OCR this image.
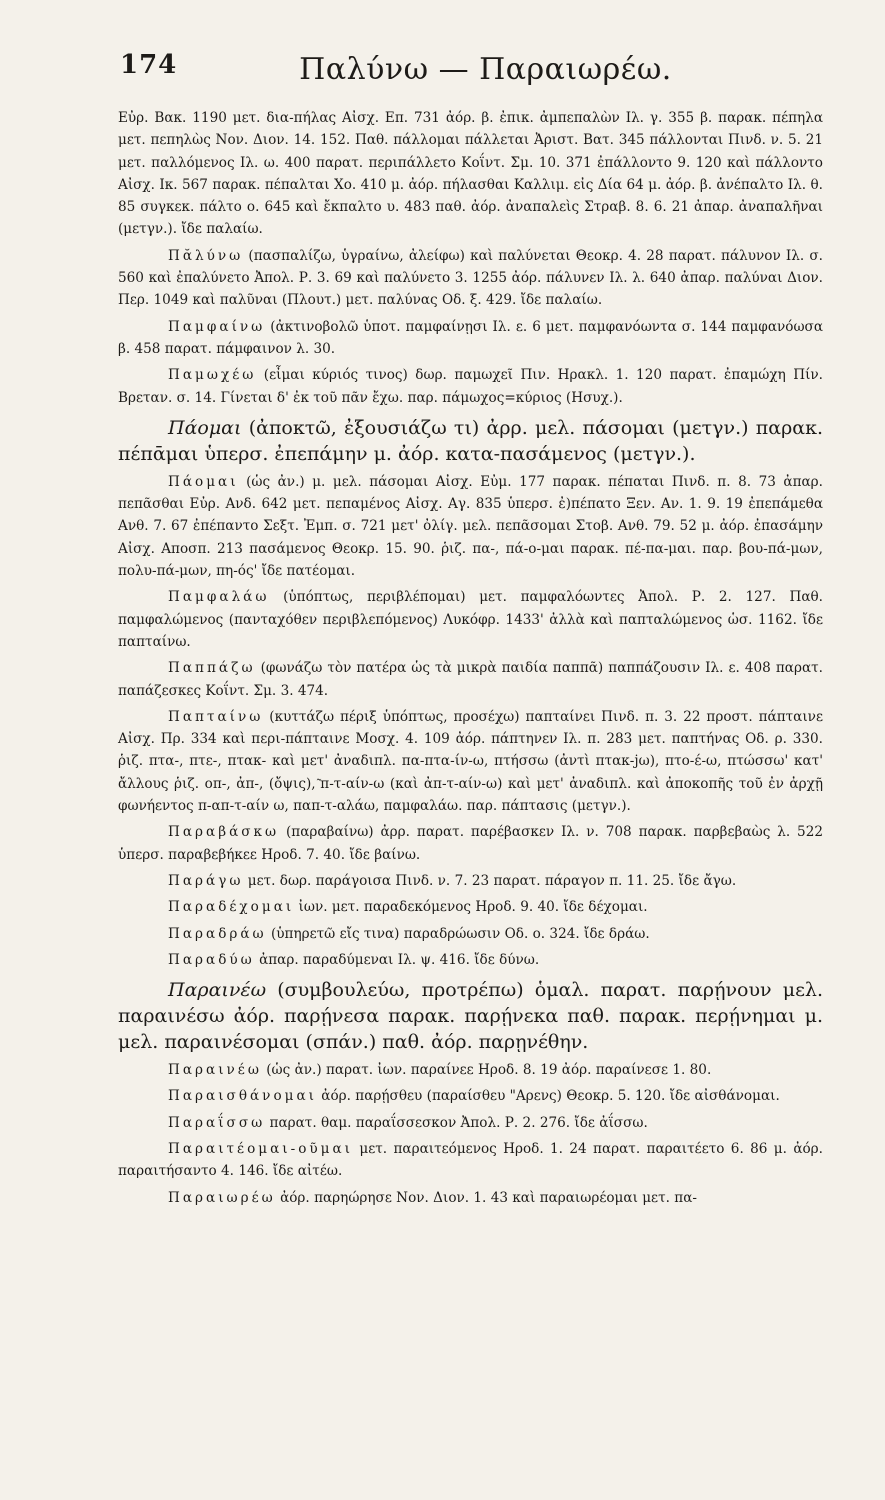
174	Παλύνω — Παραιωρέω.

Εὐρ. Βακ. 1190 μετ. δια-πήλας Αἰσχ. Επ. 731 ἀόρ. β. ἐπικ. ἀμπεπαλὼν Ιλ. γ. 355 β. παρακ. πέπηλα μετ. πεπηλὼς Νον. Διον. 14. 152. Παθ. πάλλομαι πάλλεται Ἀριστ. Βατ. 345 πάλλονται Πινδ. ν. 5. 21 μετ. παλλόμενος Ιλ. ω. 400 παρατ. περιπάλλετο Κοΐντ. Σμ. 10. 371 ἐπάλλοντο 9. 120 καὶ πάλλοντο Αἰσχ. Ικ. 567 παρακ. πέπαλται Χο. 410 μ. ἀόρ. πήλασθαι Καλλιμ. εἰς Δία 64 μ. ἀόρ. β. ἀνέπαλτο Ιλ. θ. 85 συγκεκ. πάλτο ο. 645 καὶ ἔκπαλτο υ. 483 παθ. ἀόρ. ἀναπαλεὶς Στραβ. 8. 6. 21 ἀπαρ. ἀναπαλῆναι (μετγν.). ἴδε παλαίω.

Πᾰλύνω (πασπαλίζω, ὑγραίνω, ἀλείφω) καὶ παλύνεται Θεοκρ. 4. 28 παρατ. πάλυνον Ιλ. σ. 560 καὶ ἐπαλύνετο Ἀπολ. Ρ. 3. 69 καὶ παλύνετο 3. 1255 ἀόρ. πάλυνεν Ιλ. λ. 640 ἀπαρ. παλύναι Διον. Περ. 1049 καὶ παλῦναι (Πλουτ.) μετ. παλύνας Οδ. ξ. 429. ἴδε παλαίω.

Παμφαίνω (ἀκτινοβολῶ ὑποτ. παμφαίνῃσι Ιλ. ε. 6 μετ. παμφανόωντα σ. 144 παμφανόωσα β. 458 παρατ. πάμφαινον λ. 30.

Παμωχέω (εἶμαι κύριός τινος) δωρ. παμωχεῖ Πιν. Ηρακλ. 1. 120 παρατ. ἐπαμώχη Πίν. Βρεταν. σ. 14. Γίνεται δ' ἐκ τοῦ πᾶν ἔχω. παρ. πάμωχος=κύριος (Ησυχ.).

Πάομαι (ἀποκτῶ, ἐξουσιάζω τι) ἀρρ. μελ. πάσομαι (μετγν.) παρακ. πέπᾱμαι ὑπερσ. ἐπεπάμην μ. ἀόρ. κατα-πασάμενος (μετγν.).

Πάομαι (ὡς ἀν.) μ. μελ. πάσομαι Αἰσχ. Εὐμ. 177 παρακ. πέπαται Πινδ. π. 8. 73 ἀπαρ. πεπᾶσθαι Εὐρ. Ανδ. 642 μετ. πεπαμένος Αἰσχ. Αγ. 835 ὑπερσ. ἐ)πέπατο Ξεν. Αν. 1. 9. 19 ἐπεπάμεθα Ανθ. 7. 67 ἐπέπαντο Σεξτ. Ἐμπ. σ. 721 μετ' ὀλίγ. μελ. πεπᾶσομαι Στοβ. Ανθ. 79. 52 μ. ἀόρ. ἐπασάμην Αἰσχ. Αποσπ. 213 πασάμενος Θεοκρ. 15. 90. ῥιζ. πα-, πά-ο-μαι παρακ. πέ-πα-μαι. παρ. βου-πά-μων, πολυ-πά-μων, πη-ός' ἴδε πατέομαι.

Παμφαλάω (ὑπόπτως, περιβλέπομαι) μετ. παμφαλόωντες Ἀπολ. Ρ. 2. 127. Παθ. παμφαλώμενος (πανταχόθεν περιβλεπόμενος) Λυκόφρ. 1433' ἀλλὰ καὶ παπταλώμενος ὡσ. 1162. ἴδε παπταίνω.

Παππάζω (φωνάζω τὸν πατέρα ὡς τὰ μικρὰ παιδία παππᾶ) παππάζουσιν Ιλ. ε. 408 παρατ. παπάζεσκες Κοΐντ. Σμ. 3. 474.

Παπταίνω (κυττάζω πέριξ ὑπόπτως, προσέχω) παπταίνει Πινδ. π. 3. 22 προστ. πάπταινε Αἰσχ. Πρ. 334 καὶ περι-πάπταινε Μοσχ. 4. 109 ἀόρ. πάπτηνεν Ιλ. π. 283 μετ. παπτήνας Οδ. ρ. 330. ῥιζ. πτα-, πτε-, πτακ- καὶ μετ' ἀναδιπλ. πα-πτα-ίν-ω, πτήσσω (ἀντὶ πτακ-jω), πτο-έ-ω, πτώσσω' κατ' ἄλλους ῥιζ. οπ-, ἀπ-, (ὄψις), ͂π-τ-αίν-ω (καὶ ἀπ-τ-αίν-ω) καὶ μετ' ἀναδιπλ. καὶ ἀποκοπῆς τοῦ ἐν ἀρχῇ φωνήεντος π-απ-τ-αίν ω, παπ-τ-αλάω, παμφαλάω. παρ. πάπτασις (μετγν.).

Παραβάσκω (παραβαίνω) ἀρρ. παρατ. παρέβασκεν Ιλ. ν. 708 παρακ. παρβεβαὼς λ. 522 ὑπερσ. παραβεβήκεε Ηροδ. 7. 40. ἴδε βαίνω.

Παράγω μετ. δωρ. παράγοισα Πινδ. ν. 7. 23 παρατ. πάραγον π. 11. 25. ἴδε ἄγω.

Παραδέχομαι ἰων. μετ. παραδεκόμενος Ηροδ. 9. 40. ἴδε δέχομαι.

Παραδράω (ὑπηρετῶ εἴς τινα) παραδρώωσιν Οδ. ο. 324. ἴδε δράω.

Παραδύω ἀπαρ. παραδύμεναι Ιλ. ψ. 416. ἴδε δύνω.

Παραινέω (συμβουλεύω, προτρέπω) ὁμαλ. παρατ. παρῄνουν μελ. παραινέσω ἀόρ. παρῄνεσα παρακ. παρῄνεκα παθ. παρακ. περῄνημαι μ. μελ. παραινέσομαι (σπάν.) παθ. ἀόρ. παρῃνέθην.

Παραινέω (ὡς ἀν.) παρατ. ἰων. παραίνεε Ηροδ. 8. 19 ἀόρ. παραίνεσε 1. 80.

Παραισθάνομαι ἀόρ. παρῄσθευ (παραίσθευ "Αρενς) Θεοκρ. 5. 120. ἴδε αἰσθάνομαι.

Παραΐσσω παρατ. θαμ. παραΐσσεσκον Ἀπολ. Ρ. 2. 276. ἴδε ἀΐσσω.

Παραιτέομαι-οῦμαι μετ. παραιτεόμενος Ηροδ. 1. 24 παρατ. παραιτέετο 6. 86 μ. ἀόρ. παραιτήσαντο 4. 146. ἴδε αἰτέω.

Παραιωρέω ἀόρ. παρηώρησε Νον. Διον. 1. 43 καὶ παραιωρέομαι μετ. πα-
